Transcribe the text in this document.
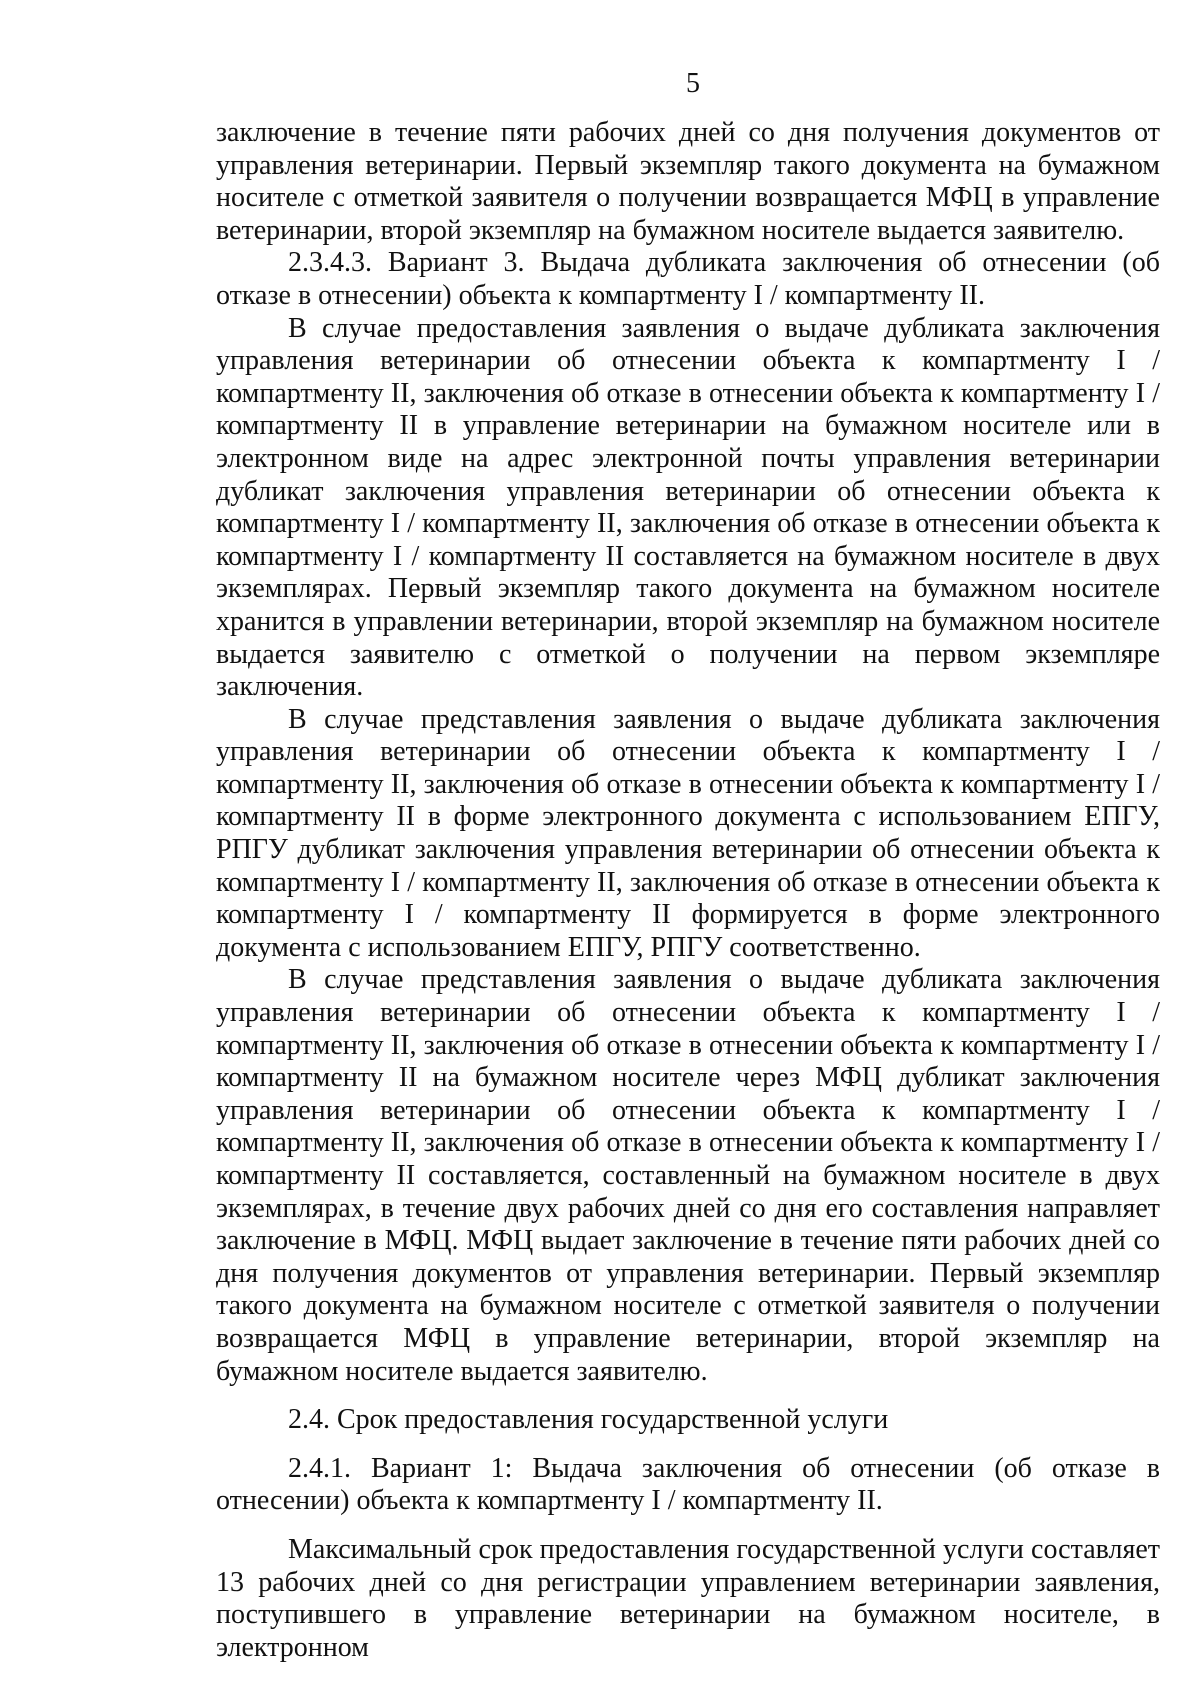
5

заключение в течение пяти рабочих дней со дня получения документов от управления ветеринарии. Первый экземпляр такого документа на бумажном носителе с отметкой заявителя о получении возвращается МФЦ в управление ветеринарии, второй экземпляр на бумажном носителе выдается заявителю.

2.3.4.3. Вариант 3. Выдача дубликата заключения об отнесении (об отказе в отнесении) объекта к компартменту I / компартменту II.

В случае предоставления заявления о выдаче дубликата заключения управления ветеринарии об отнесении объекта к компартменту I / компартменту II, заключения об отказе в отнесении объекта к компартменту I / компартменту II в управление ветеринарии на бумажном носителе или в электронном виде на адрес электронной почты управления ветеринарии дубликат заключения управления ветеринарии об отнесении объекта к компартменту I / компартменту II, заключения об отказе в отнесении объекта к компартменту I / компартменту II составляется на бумажном носителе в двух экземплярах. Первый экземпляр такого документа на бумажном носителе хранится в управлении ветеринарии, второй экземпляр на бумажном носителе выдается заявителю с отметкой о получении на первом экземпляре заключения.

В случае представления заявления о выдаче дубликата заключения управления ветеринарии об отнесении объекта к компартменту I / компартменту II, заключения об отказе в отнесении объекта к компартменту I / компартменту II в форме электронного документа с использованием ЕПГУ, РПГУ дубликат заключения управления ветеринарии об отнесении объекта к компартменту I / компартменту II, заключения об отказе в отнесении объекта к компартменту I / компартменту II формируется в форме электронного документа с использованием ЕПГУ, РПГУ соответственно.

В случае представления заявления о выдаче дубликата заключения управления ветеринарии об отнесении объекта к компартменту I / компартменту II, заключения об отказе в отнесении объекта к компартменту I / компартменту II на бумажном носителе через МФЦ дубликат заключения управления ветеринарии об отнесении объекта к компартменту I / компартменту II, заключения об отказе в отнесении объекта к компартменту I / компартменту II составляется, составленный на бумажном носителе в двух экземплярах, в течение двух рабочих дней со дня его составления направляет заключение в МФЦ. МФЦ выдает заключение в течение пяти рабочих дней со дня получения документов от управления ветеринарии. Первый экземпляр такого документа на бумажном носителе с отметкой заявителя о получении возвращается МФЦ в управление ветеринарии, второй экземпляр на бумажном носителе выдается заявителю.

2.4. Срок предоставления государственной услуги

2.4.1. Вариант 1: Выдача заключения об отнесении (об отказе в отнесении) объекта к компартменту I / компартменту II.

Максимальный срок предоставления государственной услуги составляет 13 рабочих дней со дня регистрации управлением ветеринарии заявления, поступившего в управление ветеринарии на бумажном носителе, в электронном
